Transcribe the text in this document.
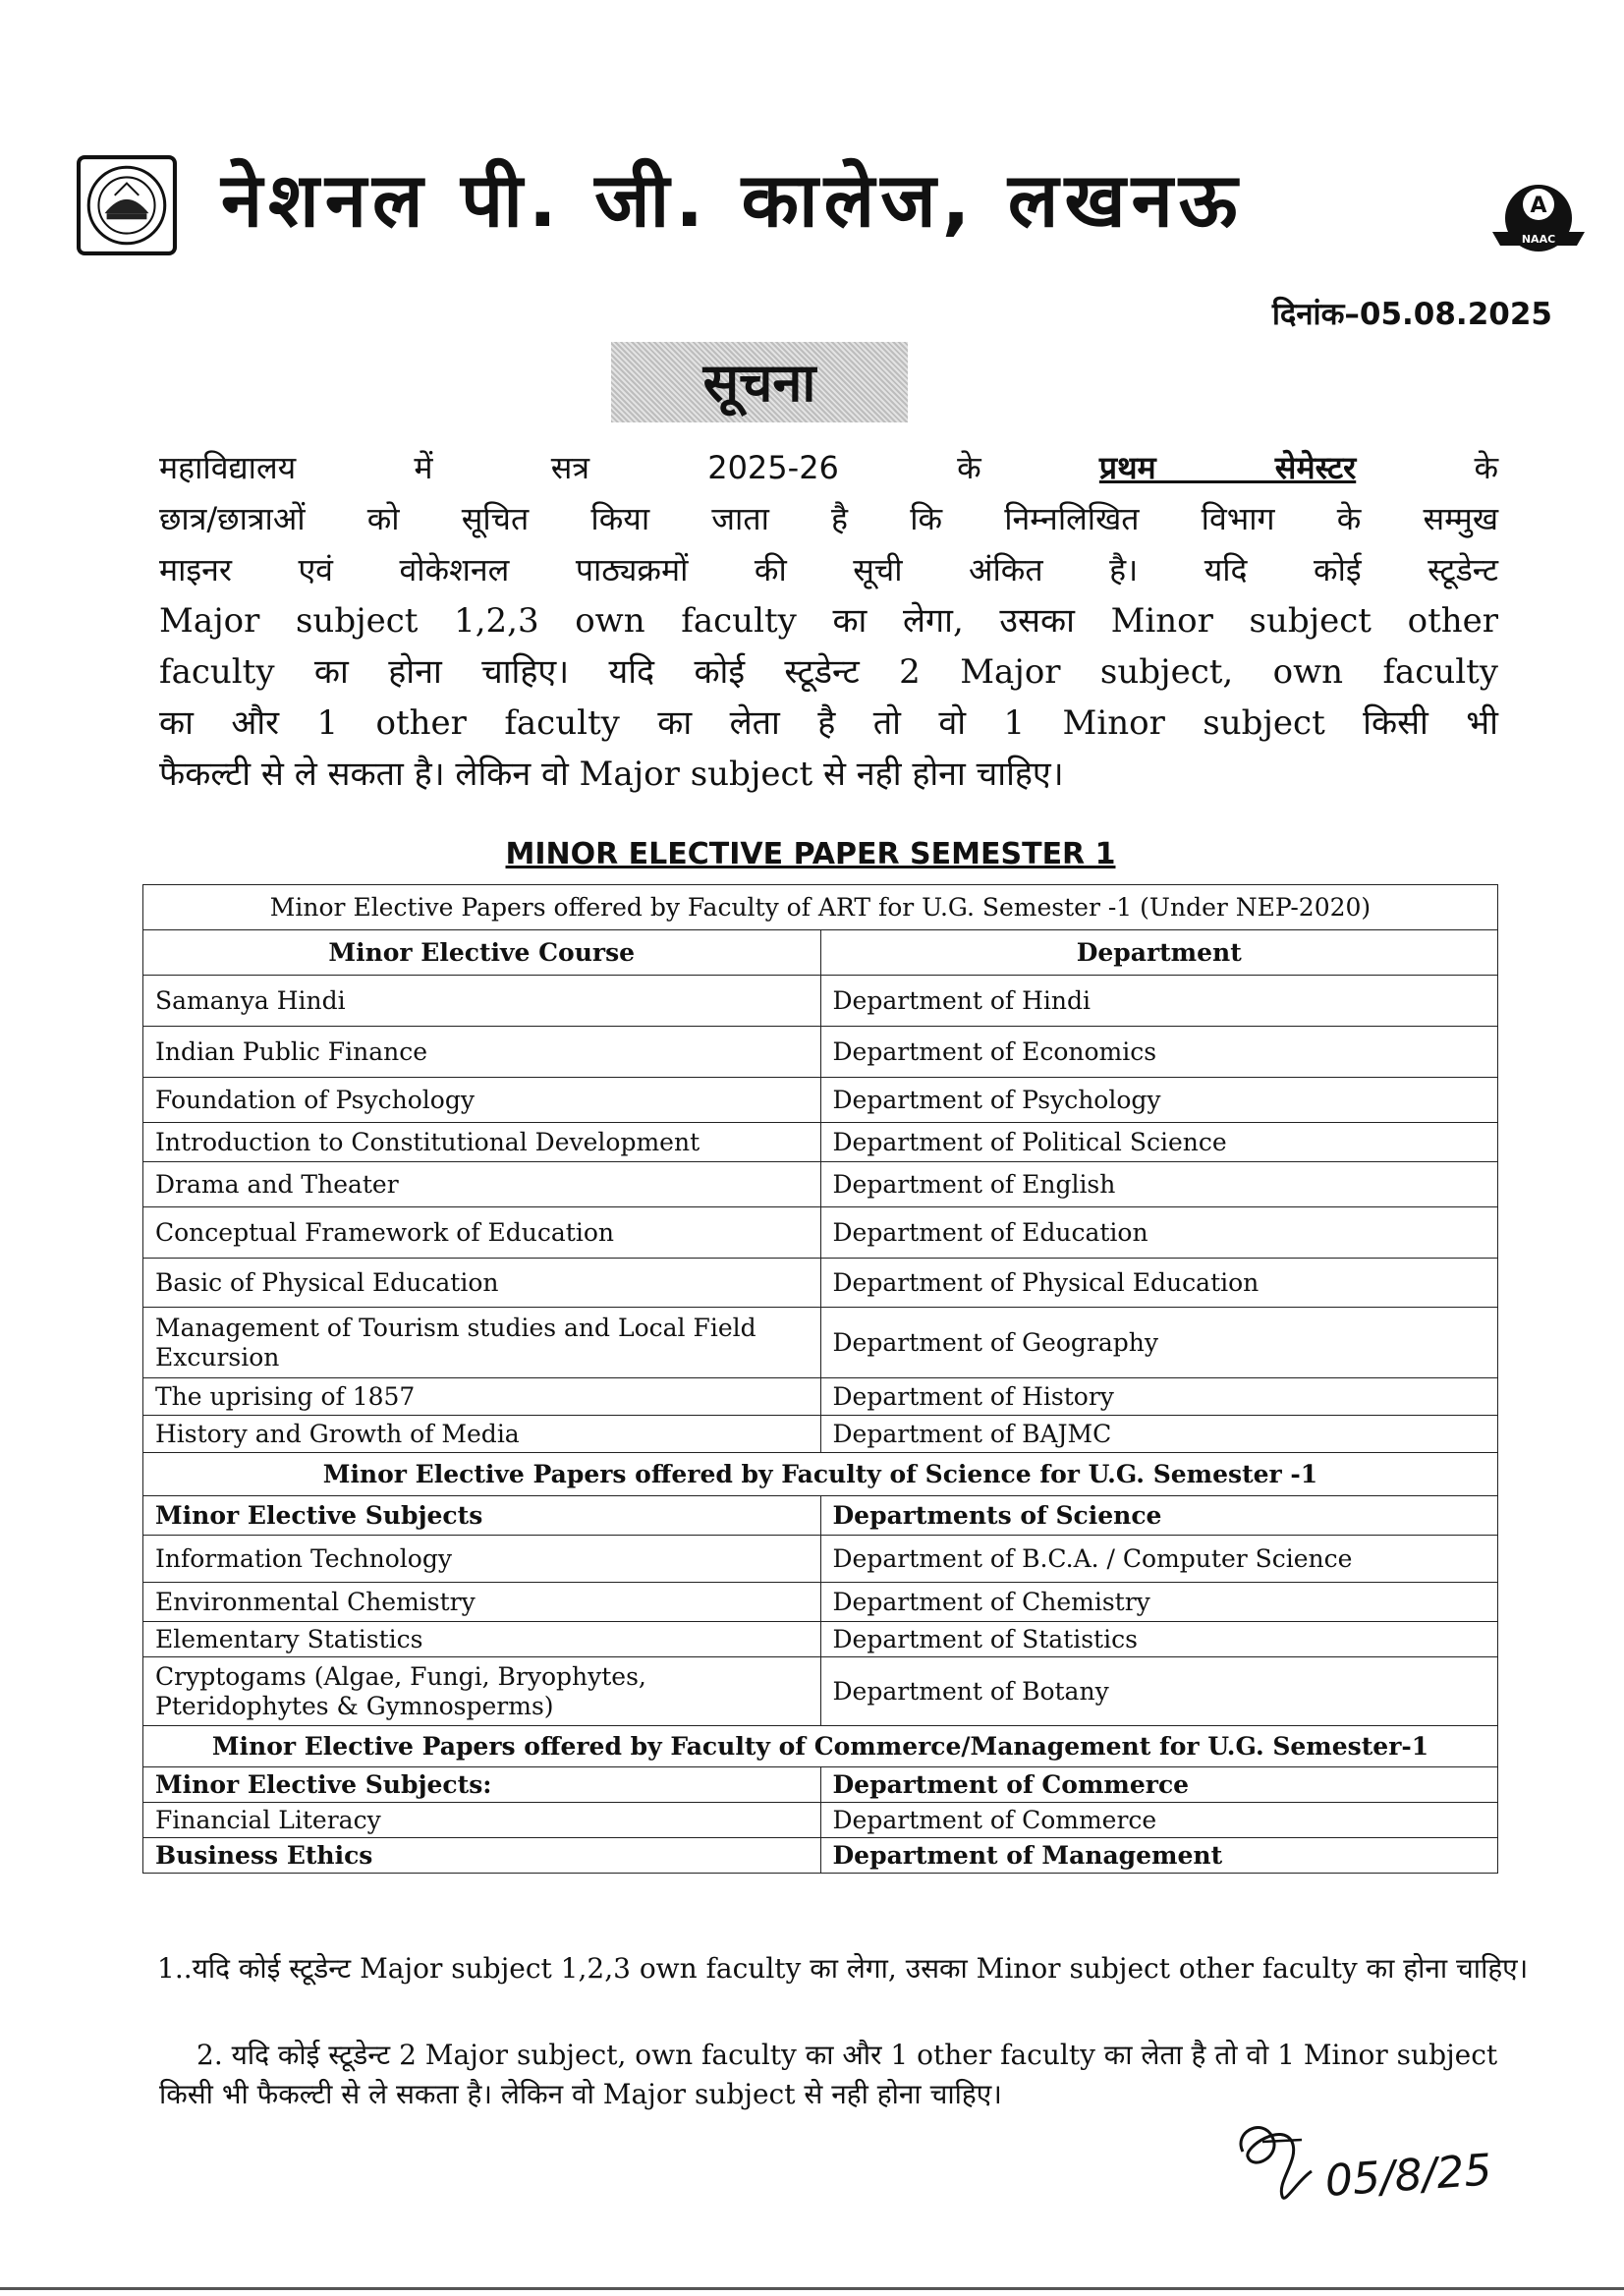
नेशनल पी. जी. कालेज, लखनऊ	A
NAAC
दिनांक–05.08.2025
सूचना
महाविद्यालय	में	सत्र	2025-26	के	प्रथम सेमेस्टर	के
छात्र/छात्राओं को सूचित किया जाता है कि निम्नलिखित विभाग के सम्मुख
माइनर एवं वोकेशनल पाठ्यक्रमों की सूची अंकित है। यदि कोई स्टूडेन्ट
Major subject 1,2,3 own faculty का लेगा, उसका Minor subject other
faculty का होना चाहिए। यदि कोई स्टूडेन्ट 2 Major subject, own faculty
का और 1 other faculty का लेता है तो वो 1 Minor subject किसी भी
फैकल्टी से ले सकता है। लेकिन वो Major subject से नही होना चाहिए।
MINOR ELECTIVE PAPER SEMESTER 1
Minor Elective Papers offered by Faculty of ART for U.G. Semester -1 (Under NEP-2020)	
Minor Elective Course	Department
Samanya Hindi	Department of Hindi
Indian Public Finance	Department of Economics
Foundation of Psychology	Department of Psychology
Introduction to Constitutional Development	Department of Political Science
Drama and Theater	Department of English
Conceptual Framework of Education	Department of Education
Basic of Physical Education	Department of Physical Education
Management of Tourism studies and Local Field Excursion	Department of Geography
The uprising of 1857	Department of History
History and Growth of Media	Department of BAJMC
Minor Elective Papers offered by Faculty of Science for U.G. Semester -1	
Minor Elective Subjects	Departments of Science
Information Technology	Department of B.C.A. / Computer Science
Environmental Chemistry	Department of Chemistry
Elementary Statistics	Department of Statistics
Cryptogams (Algae, Fungi, Bryophytes, Pteridophytes & Gymnosperms)	Department of Botany
Minor Elective Papers offered by Faculty of Commerce/Management for U.G. Semester-1	
Minor Elective Subjects:	Department of Commerce
Financial Literacy	Department of Commerce
Business Ethics	Department of Management
1..यदि कोई स्टूडेन्ट Major subject 1,2,3 own faculty का लेगा, उसका Minor subject other faculty का होना चाहिए।
2. यदि कोई स्टूडेन्ट 2 Major subject, own faculty का और 1 other faculty का लेता है तो वो 1 Minor subject
किसी भी फैकल्टी से ले सकता है। लेकिन वो Major subject से नही होना चाहिए।
05/8/25
